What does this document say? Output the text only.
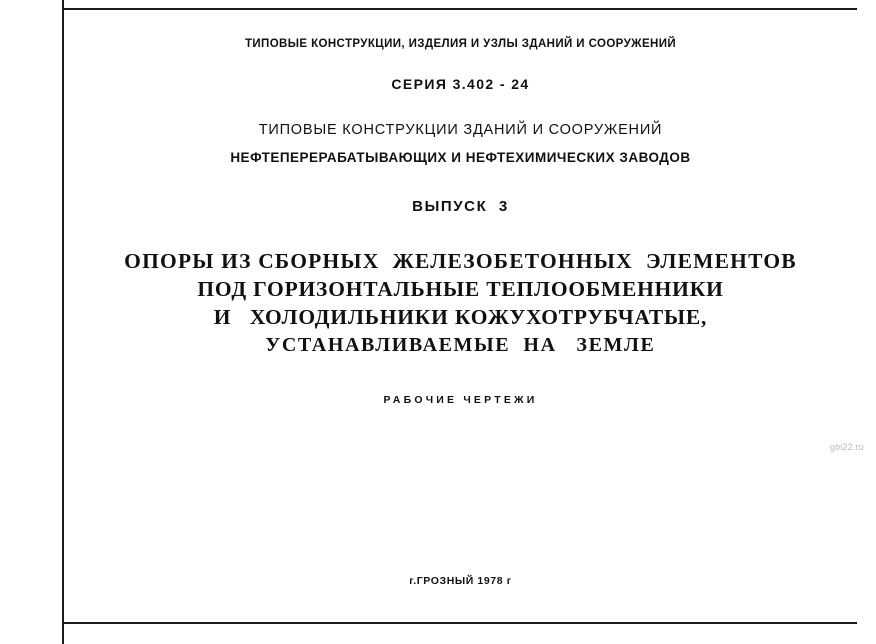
ТИПОВЫЕ КОНСТРУКЦИИ, ИЗДЕЛИЯ И УЗЛЫ ЗДАНИЙ И СООРУЖЕНИЙ
СЕРИЯ 3.402 - 24
ТИПОВЫЕ КОНСТРУКЦИИ ЗДАНИЙ И СООРУЖЕНИЙ
НЕФТЕПЕРЕРАБАТЫВАЮЩИХ И НЕФТЕХИМИЧЕСКИХ ЗАВОДОВ
ВЫПУСК  3
ОПОРЫ ИЗ СБОРНЫХ  ЖЕЛЕЗОБЕТОННЫХ  ЭЛЕМЕНТОВ
ПОД ГОРИЗОНТАЛЬНЫЕ ТЕПЛООБМЕННИКИ
И   ХОЛОДИЛЬНИКИ КОЖУХОТРУБЧАТЫЕ,
УСТАНАВЛИВАЕМЫЕ  НА   ЗЕМЛЕ
РАБОЧИЕ ЧЕРТЕЖИ
г.ГРОЗНЫЙ 1978 г
gbi22.ru
